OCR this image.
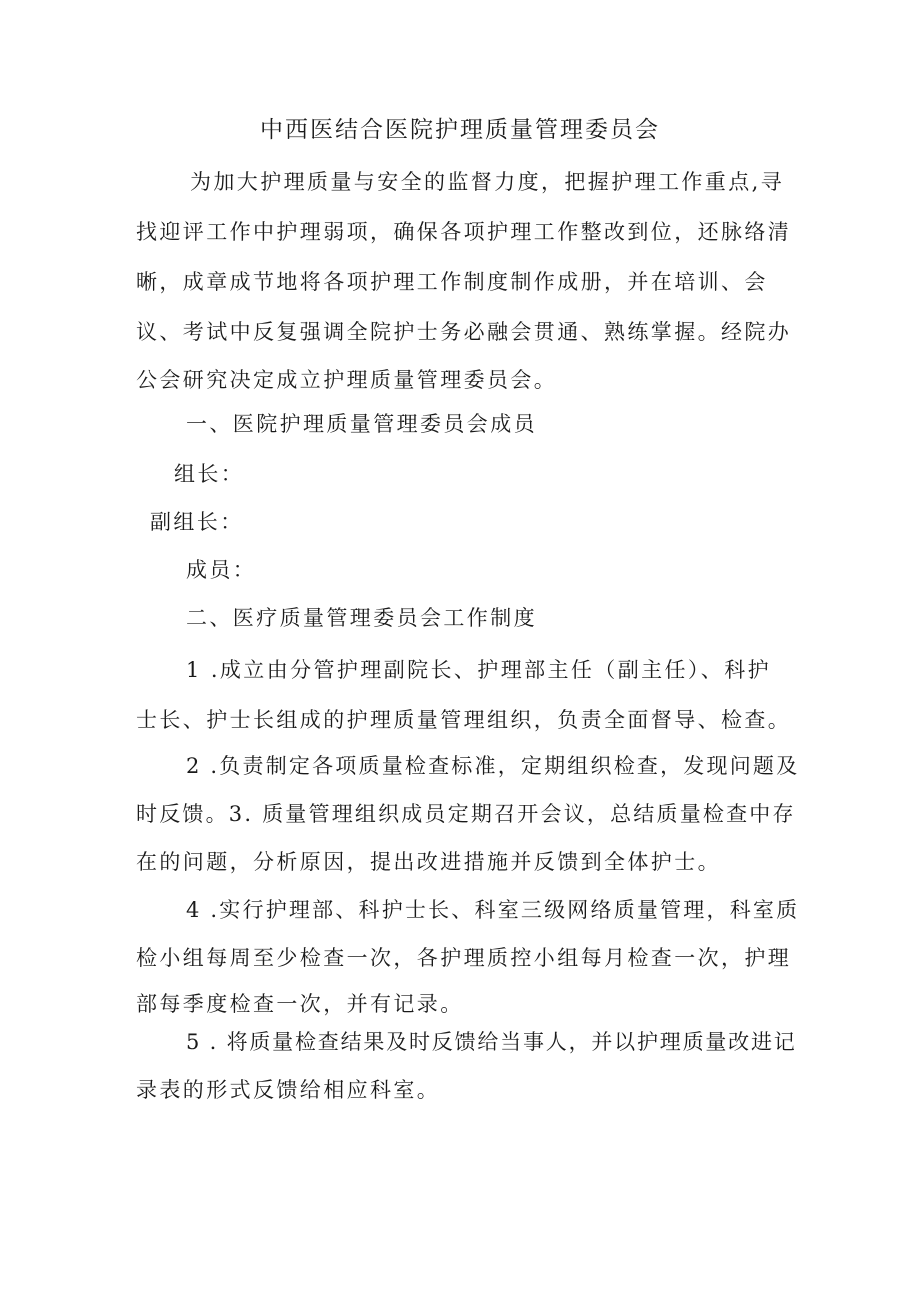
中西医结合医院护理质量管理委员会
为加大护理质量与安全的监督力度，把握护理工作重点,寻
找迎评工作中护理弱项，确保各项护理工作整改到位，还脉络清
晰，成章成节地将各项护理工作制度制作成册，并在培训、会
议、考试中反复强调全院护士务必融会贯通、熟练掌握。经院办
公会研究决定成立护理质量管理委员会。
一、医院护理质量管理委员会成员
组长：
副组长：
成员：
二、医疗质量管理委员会工作制度
1 .成立由分管护理副院长、护理部主任（副主任）、科护
士长、护士长组成的护理质量管理组织，负责全面督导、检查。
2 .负责制定各项质量检查标准，定期组织检查，发现问题及
时反馈。3. 质量管理组织成员定期召开会议，总结质量检查中存
在的问题，分析原因，提出改进措施并反馈到全体护士。
4 .实行护理部、科护士长、科室三级网络质量管理，科室质
检小组每周至少检查一次，各护理质控小组每月检查一次，护理
部每季度检查一次，并有记录。
5 . 将质量检查结果及时反馈给当事人，并以护理质量改进记
录表的形式反馈给相应科室。
